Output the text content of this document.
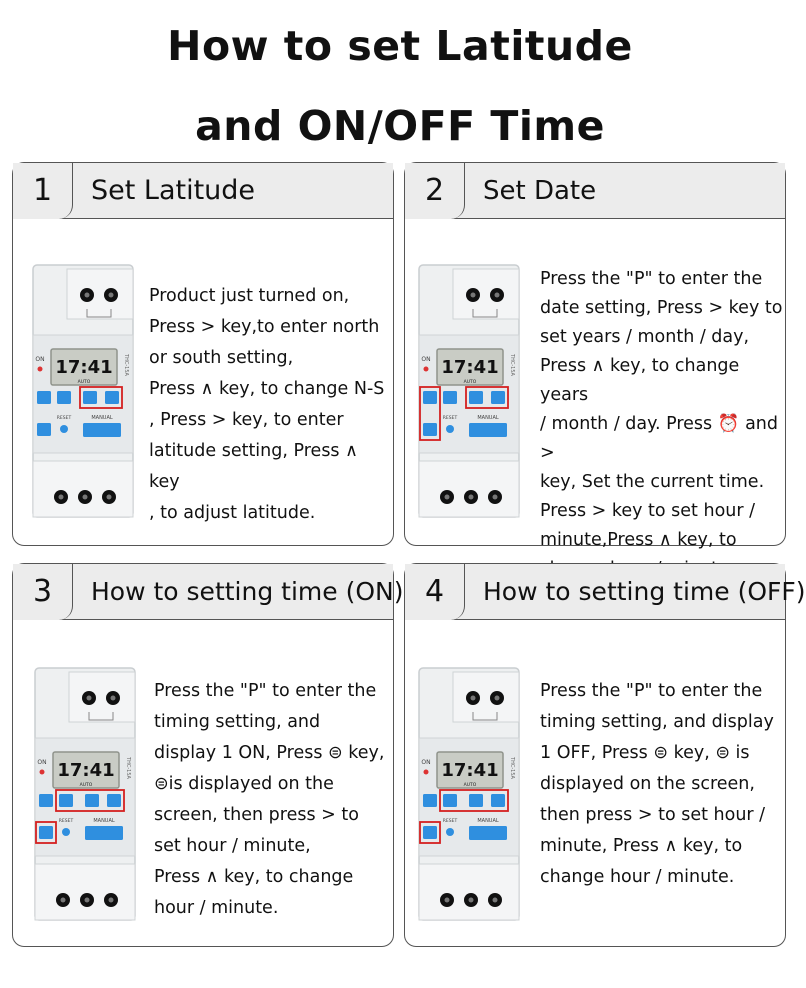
How to set Latitude
and ON/OFF Time
1	Set Latitude
ON 17:41
AUTO
THC-15A
RESET	MANUAL
Product just turned on,
Press > key,to enter north
or south setting,
Press ∧ key, to change N-S
, Press > key, to enter
latitude setting, Press ∧ key
, to adjust latitude.
2	Set Date
ON 17:41
AUTO
THC-15A
RESET	MANUAL
Press the "P" to enter the
date setting, Press > key to
set years / month / day,
Press ∧ key, to change years
/ month / day. Press ⏰ and >
key, Set the current time.
Press > key to set hour /
minute,Press ∧ key, to

3	How to setting time (ON)
ON 17:41
AUTO
THC-15A
RESET	MANUAL
Press the "P" to enter the
timing setting, and
display 1 ON, Press ⊜ key,
⊜is displayed on the
screen, then press > to
set hour / minute,
Press ∧ key, to change
hour / minute.
4	How to setting time (OFF)
ON 17:41
AUTO
THC-15A
RESET	MANUAL
Press the "P" to enter the
timing setting, and display
1 OFF, Press ⊜ key, ⊜ is
displayed on the screen,
then press > to set hour /
minute, Press ∧ key, to
change hour / minute.
